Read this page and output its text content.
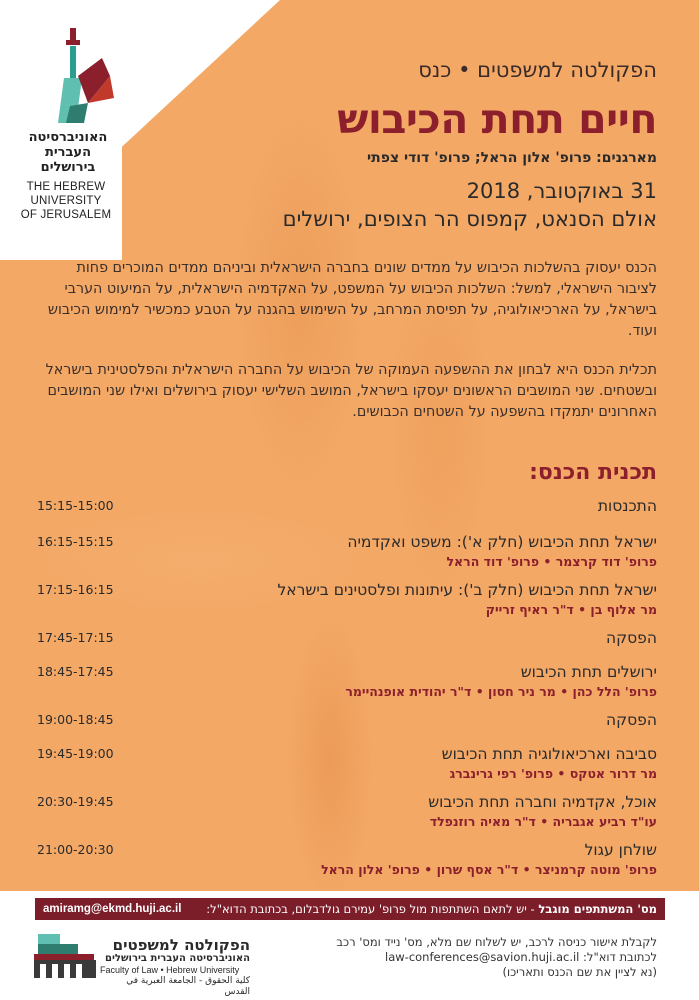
האוניברסיטה
העברית
בירושלים
THE HEBREW
UNIVERSITY
OF JERUSALEM
הפקולטה למשפטים • כנס
חיים תחת הכיבוש
מארגנים: פרופ' אלון הראל; פרופ' דודי צפתי
31 באוקטובר, 2018
אולם הסנאט, קמפוס הר הצופים, ירושלים
הכנס יעסוק בהשלכות הכיבוש על ממדים שונים בחברה הישראלית וביניהם ממדים המוכרים פחות לציבור הישראלי, למשל: השלכות הכיבוש על המשפט, על האקדמיה הישראלית, על המיעוט הערבי בישראל, על הארכיאולוגיה, על תפיסת המרחב, על השימוש בהגנה על הטבע כמכשיר למימוש הכיבוש ועוד.
תכלית הכנס היא לבחון את ההשפעה העמוקה של הכיבוש על החברה הישראלית והפלסטינית בישראל ובשטחים. שני המושבים הראשונים יעסקו בישראל, המושב השלישי יעסוק בירושלים ואילו שני המושבים האחרונים יתמקדו בהשפעה על השטחים הכבושים.
תכנית הכנס:
התכנסות
15:15-15:00
ישראל תחת הכיבוש (חלק א'): משפט ואקדמיה
פרופ' דוד קרצמר • פרופ' דוד הראל
16:15-15:15
ישראל תחת הכיבוש (חלק ב'): עיתונות ופלסטינים בישראל
מר אלוף בן • ד"ר ראיף זרייק
17:15-16:15
הפסקה
17:45-17:15
ירושלים תחת הכיבוש
פרופ' הלל כהן • מר ניר חסון • ד"ר יהודית אופנהיימר
18:45-17:45
הפסקה
19:00-18:45
סביבה וארכיאולוגיה תחת הכיבוש
מר דרור אטקס • פרופ' רפי גרינברג
19:45-19:00
אוכל, אקדמיה וחברה תחת הכיבוש
עו"ד רביע אגבריה • ד"ר מאיה רוזנפלד
20:30-19:45
שולחן עגול
פרופ' מוטה קרמניצר • ד"ר אסף שרון • פרופ' אלון הראל
21:00-20:30
מס' המשתתפים מוגבל - יש לתאם השתתפות מול פרופ' עמירם גולדבלום, בכתובת הדוא"ל:
amiramg@ekmd.huji.ac.il
הפקולטה למשפטים
האוניברסיטה העברית בירושלים
Faculty of Law • Hebrew University
كلية الحقوق - الجامعة العبرية في القدس
לקבלת אישור כניסה לרכב, יש לשלוח שם מלא, מס' נייד ומס' רכב
לכתובת דוא"ל: law-conferences@savion.huji.ac.il
(נא לציין את שם הכנס ותאריכו)
